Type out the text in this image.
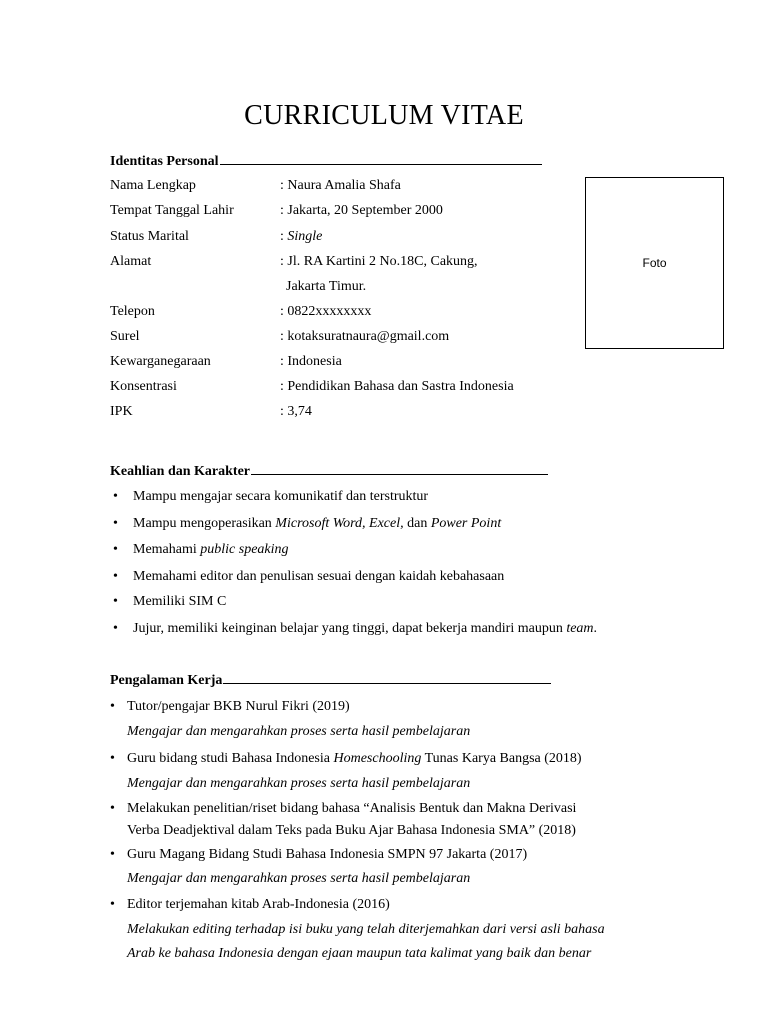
CURRICULUM VITAE
Identitas Personal
Nama Lengkap	: Naura Amalia Shafa
Tempat Tanggal Lahir	: Jakarta, 20 September 2000
Status Marital	: Single
Alamat	: Jl. RA Kartini 2 No.18C, Cakung,
Jakarta Timur.
Telepon	: 0822xxxxxxxx
Surel	: kotaksuratnaura@gmail.com
Kewarganegaraan	: Indonesia
Konsentrasi	: Pendidikan Bahasa dan Sastra Indonesia
IPK	: 3,74
Foto
Keahlian dan Karakter
• Mampu mengajar secara komunikatif dan terstruktur
• Mampu mengoperasikan Microsoft Word, Excel, dan Power Point
• Memahami public speaking
• Memahami editor dan penulisan sesuai dengan kaidah kebahasaan
• Memiliki SIM C
• Jujur, memiliki keinginan belajar yang tinggi, dapat bekerja mandiri maupun team.
Pengalaman Kerja
• Tutor/pengajar BKB Nurul Fikri (2019)
Mengajar dan mengarahkan proses serta hasil pembelajaran
• Guru bidang studi Bahasa Indonesia Homeschooling Tunas Karya Bangsa (2018)
Mengajar dan mengarahkan proses serta hasil pembelajaran
• Melakukan penelitian/riset bidang bahasa “Analisis Bentuk dan Makna Derivasi
Verba Deadjektival dalam Teks pada Buku Ajar Bahasa Indonesia SMA” (2018)
• Guru Magang Bidang Studi Bahasa Indonesia SMPN 97 Jakarta (2017)
Mengajar dan mengarahkan proses serta hasil pembelajaran
• Editor terjemahan kitab Arab-Indonesia (2016)
Melakukan editing terhadap isi buku yang telah diterjemahkan dari versi asli bahasa
Arab ke bahasa Indonesia dengan ejaan maupun tata kalimat yang baik dan benar
